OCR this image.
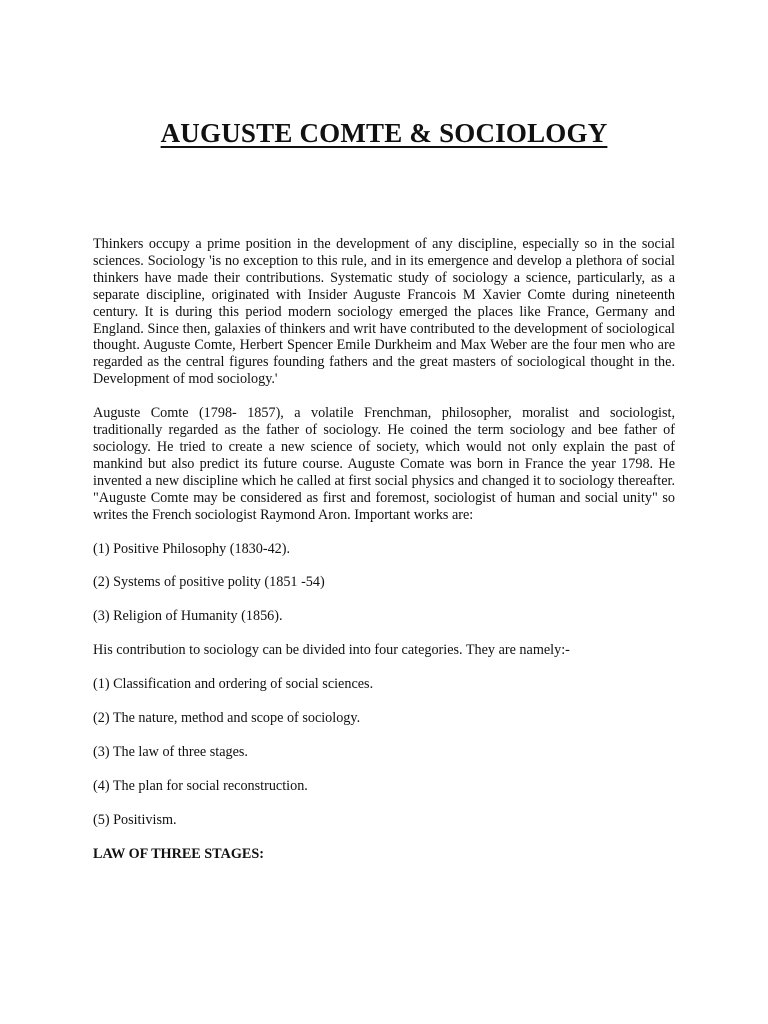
AUGUSTE COMTE & SOCIOLOGY

Thinkers occupy a prime position in the development of any discipline, especially so in the social sciences. Sociology 'is no exception to this rule, and in its emergence and develop a plethora of social thinkers have made their contributions. Systematic study of sociology a science, particularly, as a separate discipline, originated with Insider Auguste Francois M Xavier Comte during nineteenth century. It is during this period modern sociology emerged the places like France, Germany and England. Since then, galaxies of thinkers and writ have contributed to the development of sociological thought. Auguste Comte, Herbert Spencer Emile Durkheim and Max Weber are the four men who are regarded as the central figures founding fathers and the great masters of sociological thought in the. Development of mod sociology.'

Auguste Comte (1798- 1857), a volatile Frenchman, philosopher, moralist and sociologist, traditionally regarded as the father of sociology. He coined the term sociology and bee father of sociology. He tried to create a new science of society, which would not only explain the past of mankind but also predict its future course. Auguste Comate was born in France the year 1798. He invented a new discipline which he called at first social physics and changed it to sociology thereafter. "Auguste Comte may be considered as first and foremost, sociologist of human and social unity" so writes the French sociologist Raymond Aron. Important works are:

(1) Positive Philosophy (1830-42).

(2) Systems of positive polity (1851 -54)

(3) Religion of Humanity (1856).

His contribution to sociology can be divided into four categories. They are namely:-

(1) Classification and ordering of social sciences.

(2) The nature, method and scope of sociology.

(3) The law of three stages.

(4) The plan for social reconstruction.

(5) Positivism.

LAW OF THREE STAGES:
